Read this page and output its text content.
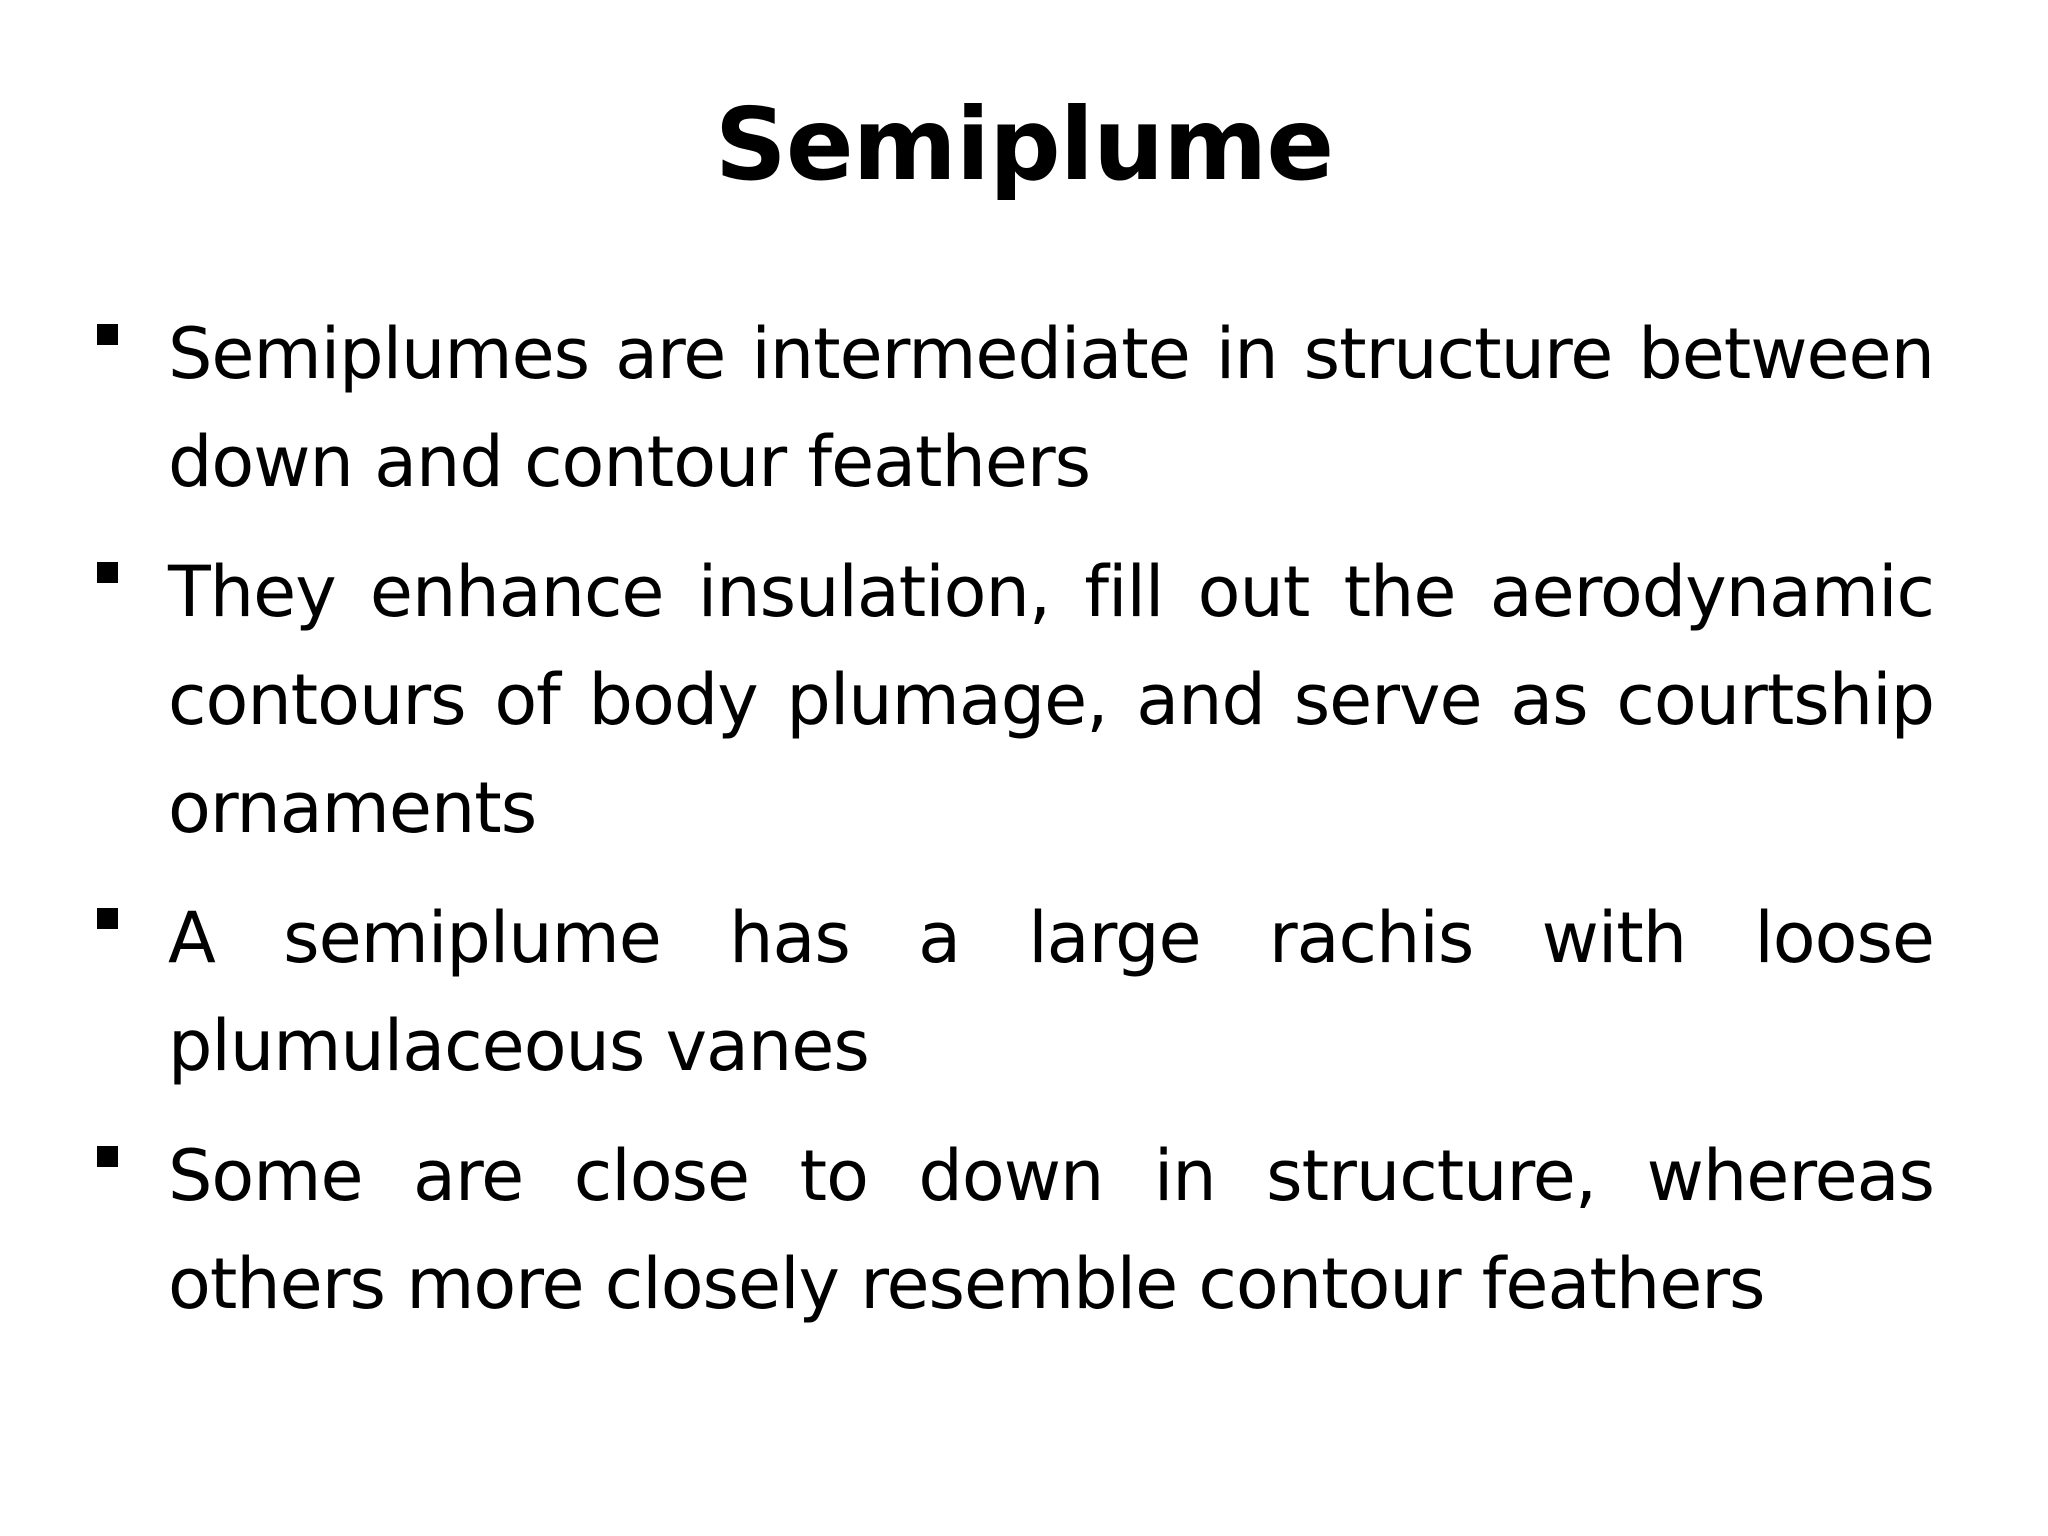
Semiplume
Semiplumes are intermediate in structure between down and contour feathers
They enhance insulation, fill out the aerodynamic contours of body plumage, and serve as courtship ornaments
A semiplume has a large rachis with loose plumulaceous vanes
Some are close to down in structure, whereas others more closely resemble contour feathers
